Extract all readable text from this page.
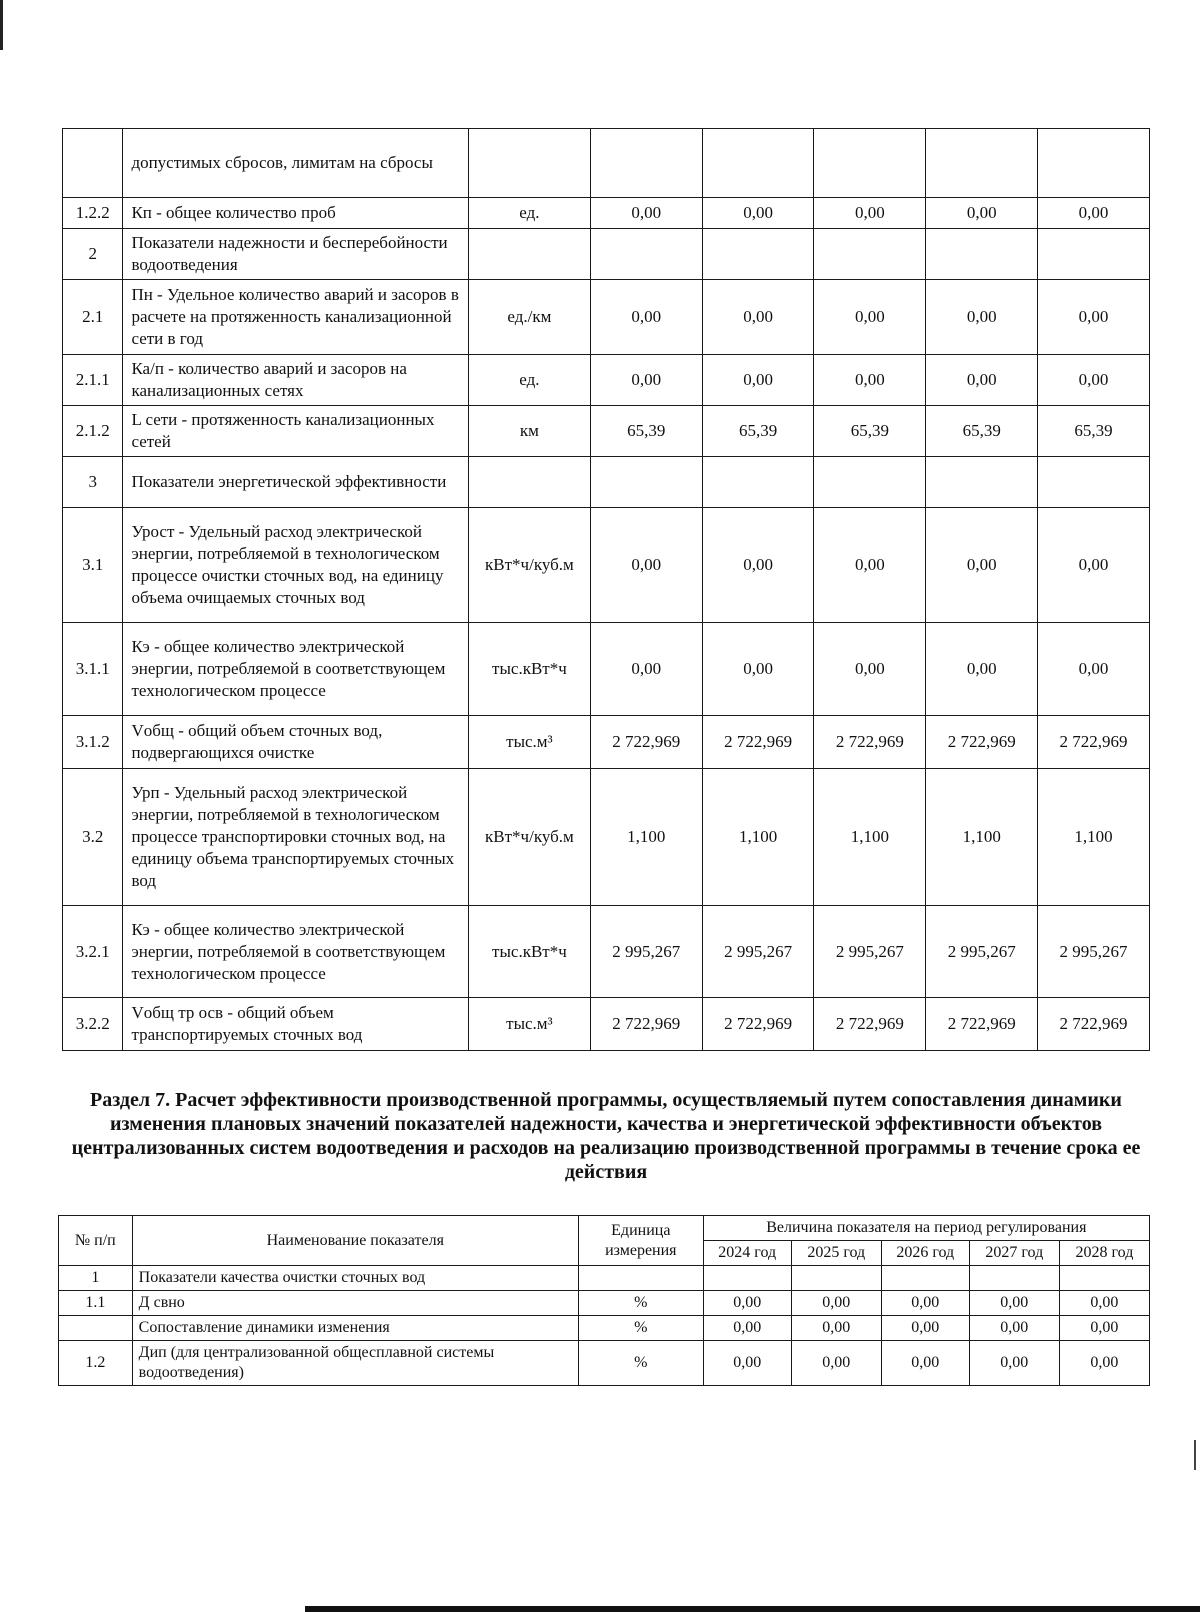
	допустимых сбросов, лимитам на сбросы						
1.2.2	Кп - общее количество проб	ед.	0,00	0,00	0,00	0,00	0,00
2	Показатели надежности и бесперебойности водоотведения						
2.1	Пн - Удельное количество аварий и засоров в расчете на протяженность канализационной сети в год	ед./км	0,00	0,00	0,00	0,00	0,00
2.1.1	Ка/п - количество аварий и засоров на канализационных сетях	ед.	0,00	0,00	0,00	0,00	0,00
2.1.2	L сети - протяженность канализационных сетей	км	65,39	65,39	65,39	65,39	65,39
3	Показатели энергетической эффективности						
3.1	Урост - Удельный расход электрической энергии, потребляемой в технологическом процессе очистки сточных вод, на единицу объема очищаемых сточных вод	кВт*ч/куб.м	0,00	0,00	0,00	0,00	0,00
3.1.1	Кэ - общее количество электрической энергии, потребляемой в соответствующем технологическом процессе	тыс.кВт*ч	0,00	0,00	0,00	0,00	0,00
3.1.2	Vобщ - общий объем сточных вод, подвергающихся очистке	тыс.м³	2 722,969	2 722,969	2 722,969	2 722,969	2 722,969
3.2	Урп - Удельный расход электрической энергии, потребляемой в технологическом процессе транспортировки сточных вод, на единицу объема транспортируемых сточных вод	кВт*ч/куб.м	1,100	1,100	1,100	1,100	1,100
3.2.1	Кэ - общее количество электрической энергии, потребляемой в соответствующем технологическом процессе	тыс.кВт*ч	2 995,267	2 995,267	2 995,267	2 995,267	2 995,267
3.2.2	Vобщ тр осв - общий объем транспортируемых сточных вод	тыс.м³	2 722,969	2 722,969	2 722,969	2 722,969	2 722,969
Раздел 7. Расчет эффективности производственной программы, осуществляемый путем сопоставления динамики изменения плановых значений показателей надежности, качества и энергетической эффективности объектов централизованных систем водоотведения и расходов на реализацию производственной программы в течение срока ее действия
№ п/п	Наименование показателя	Единица измерения	Величина показателя на период регулирования				
			2024 год	2025 год	2026 год	2027 год	2028 год
1	Показатели качества очистки сточных вод						
1.1	Д свно	%	0,00	0,00	0,00	0,00	0,00
	Сопоставление динамики изменения	%	0,00	0,00	0,00	0,00	0,00
1.2	Дип (для централизованной общесплавной системы водоотведения)	%	0,00	0,00	0,00	0,00	0,00
